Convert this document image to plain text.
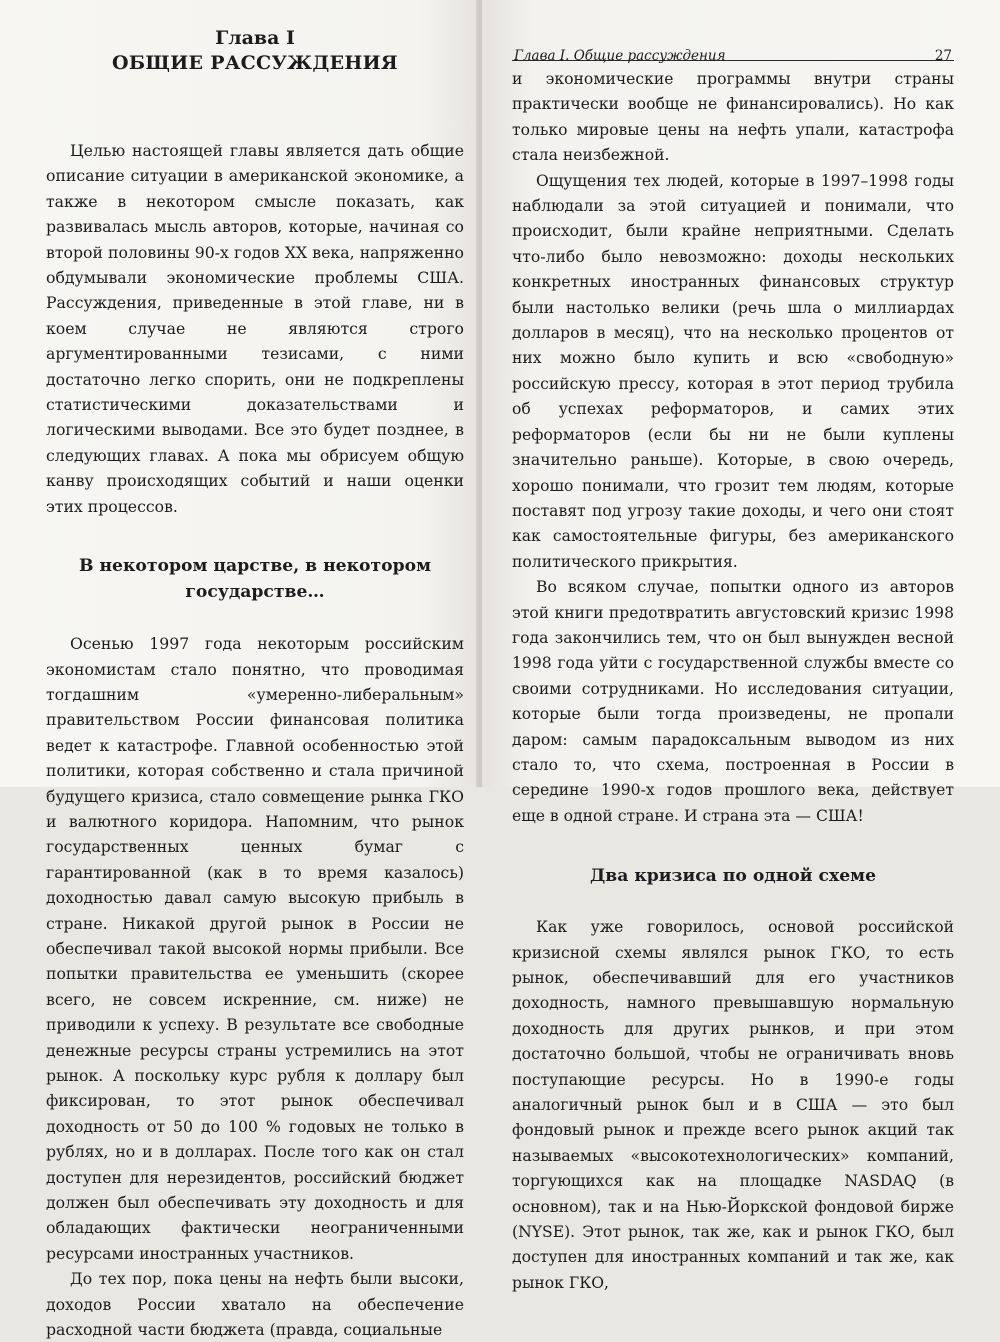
Глава I
ОБЩИЕ РАССУЖДЕНИЯ

Целью настоящей главы является дать общие описание ситуации в американской экономике, а также в некотором смысле показать, как развивалась мысль авторов, которые, начиная со второй половины 90-х годов XX века, напряженно обдумывали экономические проблемы США. Рассуждения, приведенные в этой главе, ни в коем случае не являются строго аргументированными тезисами, с ними достаточно легко спорить, они не подкреплены статистическими доказательствами и логическими выводами. Все это будет позднее, в следующих главах. А пока мы обрисуем общую канву происходящих событий и наши оценки этих процессов.

В некотором царстве, в некотором государстве…

Осенью 1997 года некоторым российским экономистам стало понятно, что проводимая тогдашним «умеренно-либеральным» правительством России финансовая политика ведет к катастрофе. Главной особенностью этой политики, которая собственно и стала причиной будущего кризиса, стало совмещение рынка ГКО и валютного коридора. Напомним, что рынок государственных ценных бумаг с гарантированной (как в то время казалось) доходностью давал самую высокую прибыль в стране. Никакой другой рынок в России не обеспечивал такой высокой нормы прибыли. Все попытки правительства ее уменьшить (скорее всего, не совсем искренние, см. ниже) не приводили к успеху. В результате все свободные денежные ресурсы страны устремились на этот рынок. А поскольку курс рубля к доллару был фиксирован, то этот рынок обеспечивал доходность от 50 до 100 % годовых не только в рублях, но и в долларах. После того как он стал доступен для нерезидентов, российский бюджет должен был обеспечивать эту доходность и для обладающих фактически неограниченными ресурсами иностранных участников.

До тех пор, пока цены на нефть были высоки, доходов России хватало на обеспечение расходной части бюджета (правда, социальные

Глава I. Общие рассуждения	27

и экономические программы внутри страны практически вообще не финансировались). Но как только мировые цены на нефть упали, катастрофа стала неизбежной.

Ощущения тех людей, которые в 1997–1998 годы наблюдали за этой ситуацией и понимали, что происходит, были крайне неприятными. Сделать что-либо было невозможно: доходы нескольких конкретных иностранных финансовых структур были настолько велики (речь шла о миллиардах долларов в месяц), что на несколько процентов от них можно было купить и всю «свободную» российскую прессу, которая в этот период трубила об успехах реформаторов, и самих этих реформаторов (если бы ни не были куплены значительно раньше). Которые, в свою очередь, хорошо понимали, что грозит тем людям, которые поставят под угрозу такие доходы, и чего они стоят как самостоятельные фигуры, без американского политического прикрытия.

Во всяком случае, попытки одного из авторов этой книги предотвратить августовский кризис 1998 года закончились тем, что он был вынужден весной 1998 года уйти с государственной службы вместе со своими сотрудниками. Но исследования ситуации, которые были тогда произведены, не пропали даром: самым парадоксальным выводом из них стало то, что схема, построенная в России в середине 1990-х годов прошлого века, действует еще в одной стране. И страна эта — США!

Два кризиса по одной схеме

Как уже говорилось, основой российской кризисной схемы являлся рынок ГКО, то есть рынок, обеспечивавший для его участников доходность, намного превышавшую нормальную доходность для других рынков, и при этом достаточно большой, чтобы не ограничивать вновь поступающие ресурсы. Но в 1990-е годы аналогичный рынок был и в США — это был фондовый рынок и прежде всего рынок акций так называемых «высокотехнологических» компаний, торгующихся как на площадке NASDAQ (в основном), так и на Нью-Йоркской фондовой бирже (NYSE). Этот рынок, так же, как и рынок ГКО, был доступен для иностранных компаний и так же, как рынок ГКО,
